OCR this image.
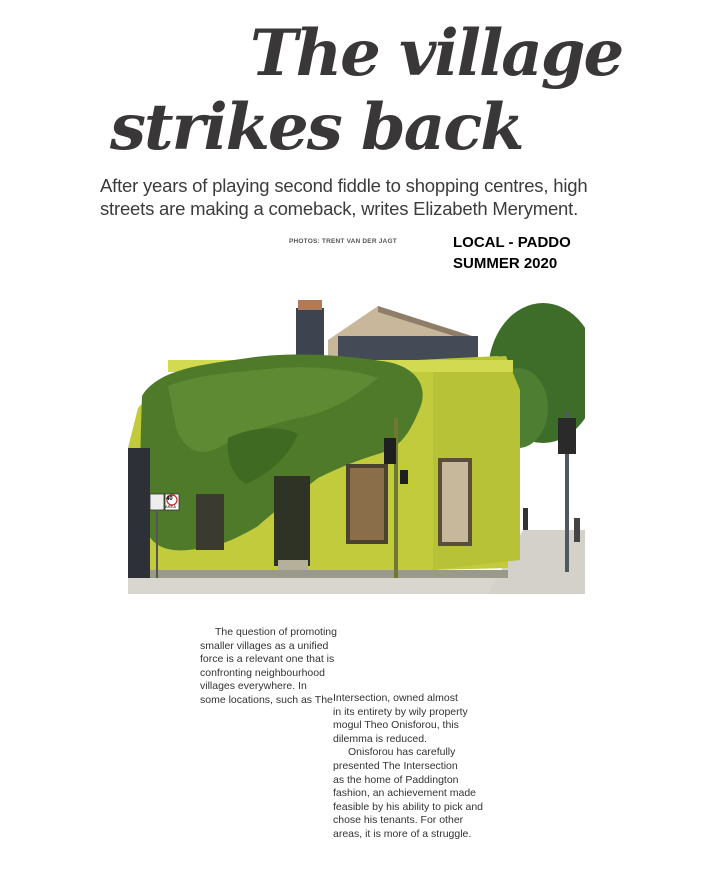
The village
strikes back

After years of playing second fiddle to shopping centres, high
streets are making a comeback, writes Elizabeth Meryment.

PHOTOS: TRENT VAN DER JAGT	LOCAL - PADDO
SUMMER 2020
40
AREA
The question of promoting
smaller villages as a unified
force is a relevant one that is
confronting neighbourhood
villages everywhere. In
some locations, such as The Intersection, owned almost
in its entirety by wily property
mogul Theo Onisforou, this
dilemma is reduced.
Onisforou has carefully
presented The Intersection
as the home of Paddington
fashion, an achievement made
feasible by his ability to pick and
chose his tenants. For other
areas, it is more of a struggle.
